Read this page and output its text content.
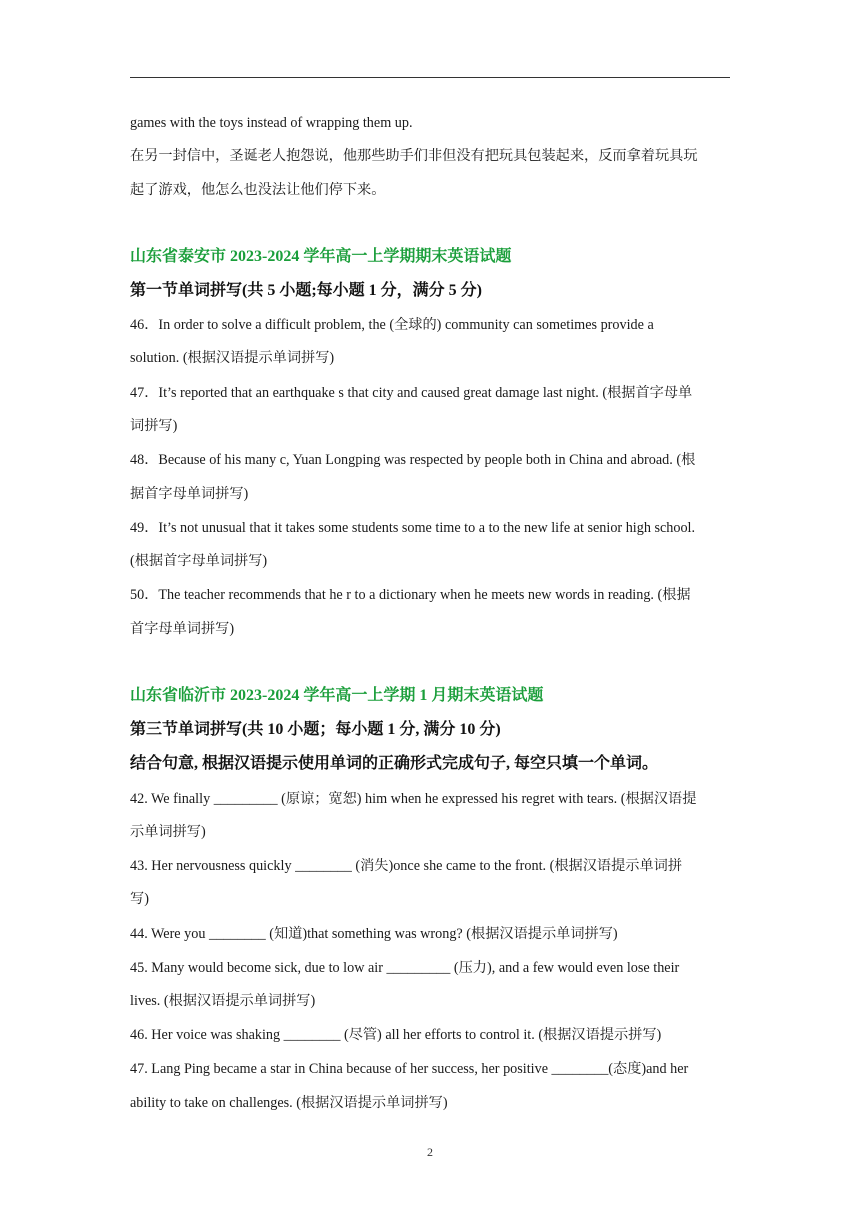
games with the toys instead of wrapping them up.
在另一封信中，圣诞老人抱怨说，他那些助手们非但没有把玩具包装起来，反而拿着玩具玩
起了游戏，他怎么也没法让他们停下来。
山东省泰安市 2023-2024 学年高一上学期期末英语试题
第一节单词拼写(共 5 小题;每小题 1 分，满分 5 分)
46．In order to solve a difficult problem, the (全球的) community can sometimes provide a
solution. (根据汉语提示单词拼写)
47．It’s reported that an earthquake s that city and caused great damage last night. (根据首字母单
词拼写)
48．Because of his many c, Yuan Longping was respected by people both in China and abroad. (根
据首字母单词拼写)
49．It’s not unusual that it takes some students some time to a to the new life at senior high school.
(根据首字母单词拼写)
50．The teacher recommends that he r to a dictionary when he meets new words in reading. (根据
首字母单词拼写)
山东省临沂市 2023-2024 学年高一上学期 1 月期末英语试题
第三节单词拼写(共 10 小题；每小题 1 分, 满分 10 分)
结合句意, 根据汉语提示使用单词的正确形式完成句子, 每空只填一个单词。
42. We finally _________ (原谅；宽恕) him when he expressed his regret with tears. (根据汉语提
示单词拼写)
43. Her nervousness quickly ________ (消失)once she came to the front. (根据汉语提示单词拼
写)
44. Were you ________ (知道)that something was wrong? (根据汉语提示单词拼写)
45. Many would become sick, due to low air _________ (压力), and a few would even lose their
lives. (根据汉语提示单词拼写)
46. Her voice was shaking ________ (尽管) all her efforts to control it. (根据汉语提示拼写)
47. Lang Ping became a star in China because of her success, her positive ________(态度)and her
ability to take on challenges. (根据汉语提示单词拼写)
2
